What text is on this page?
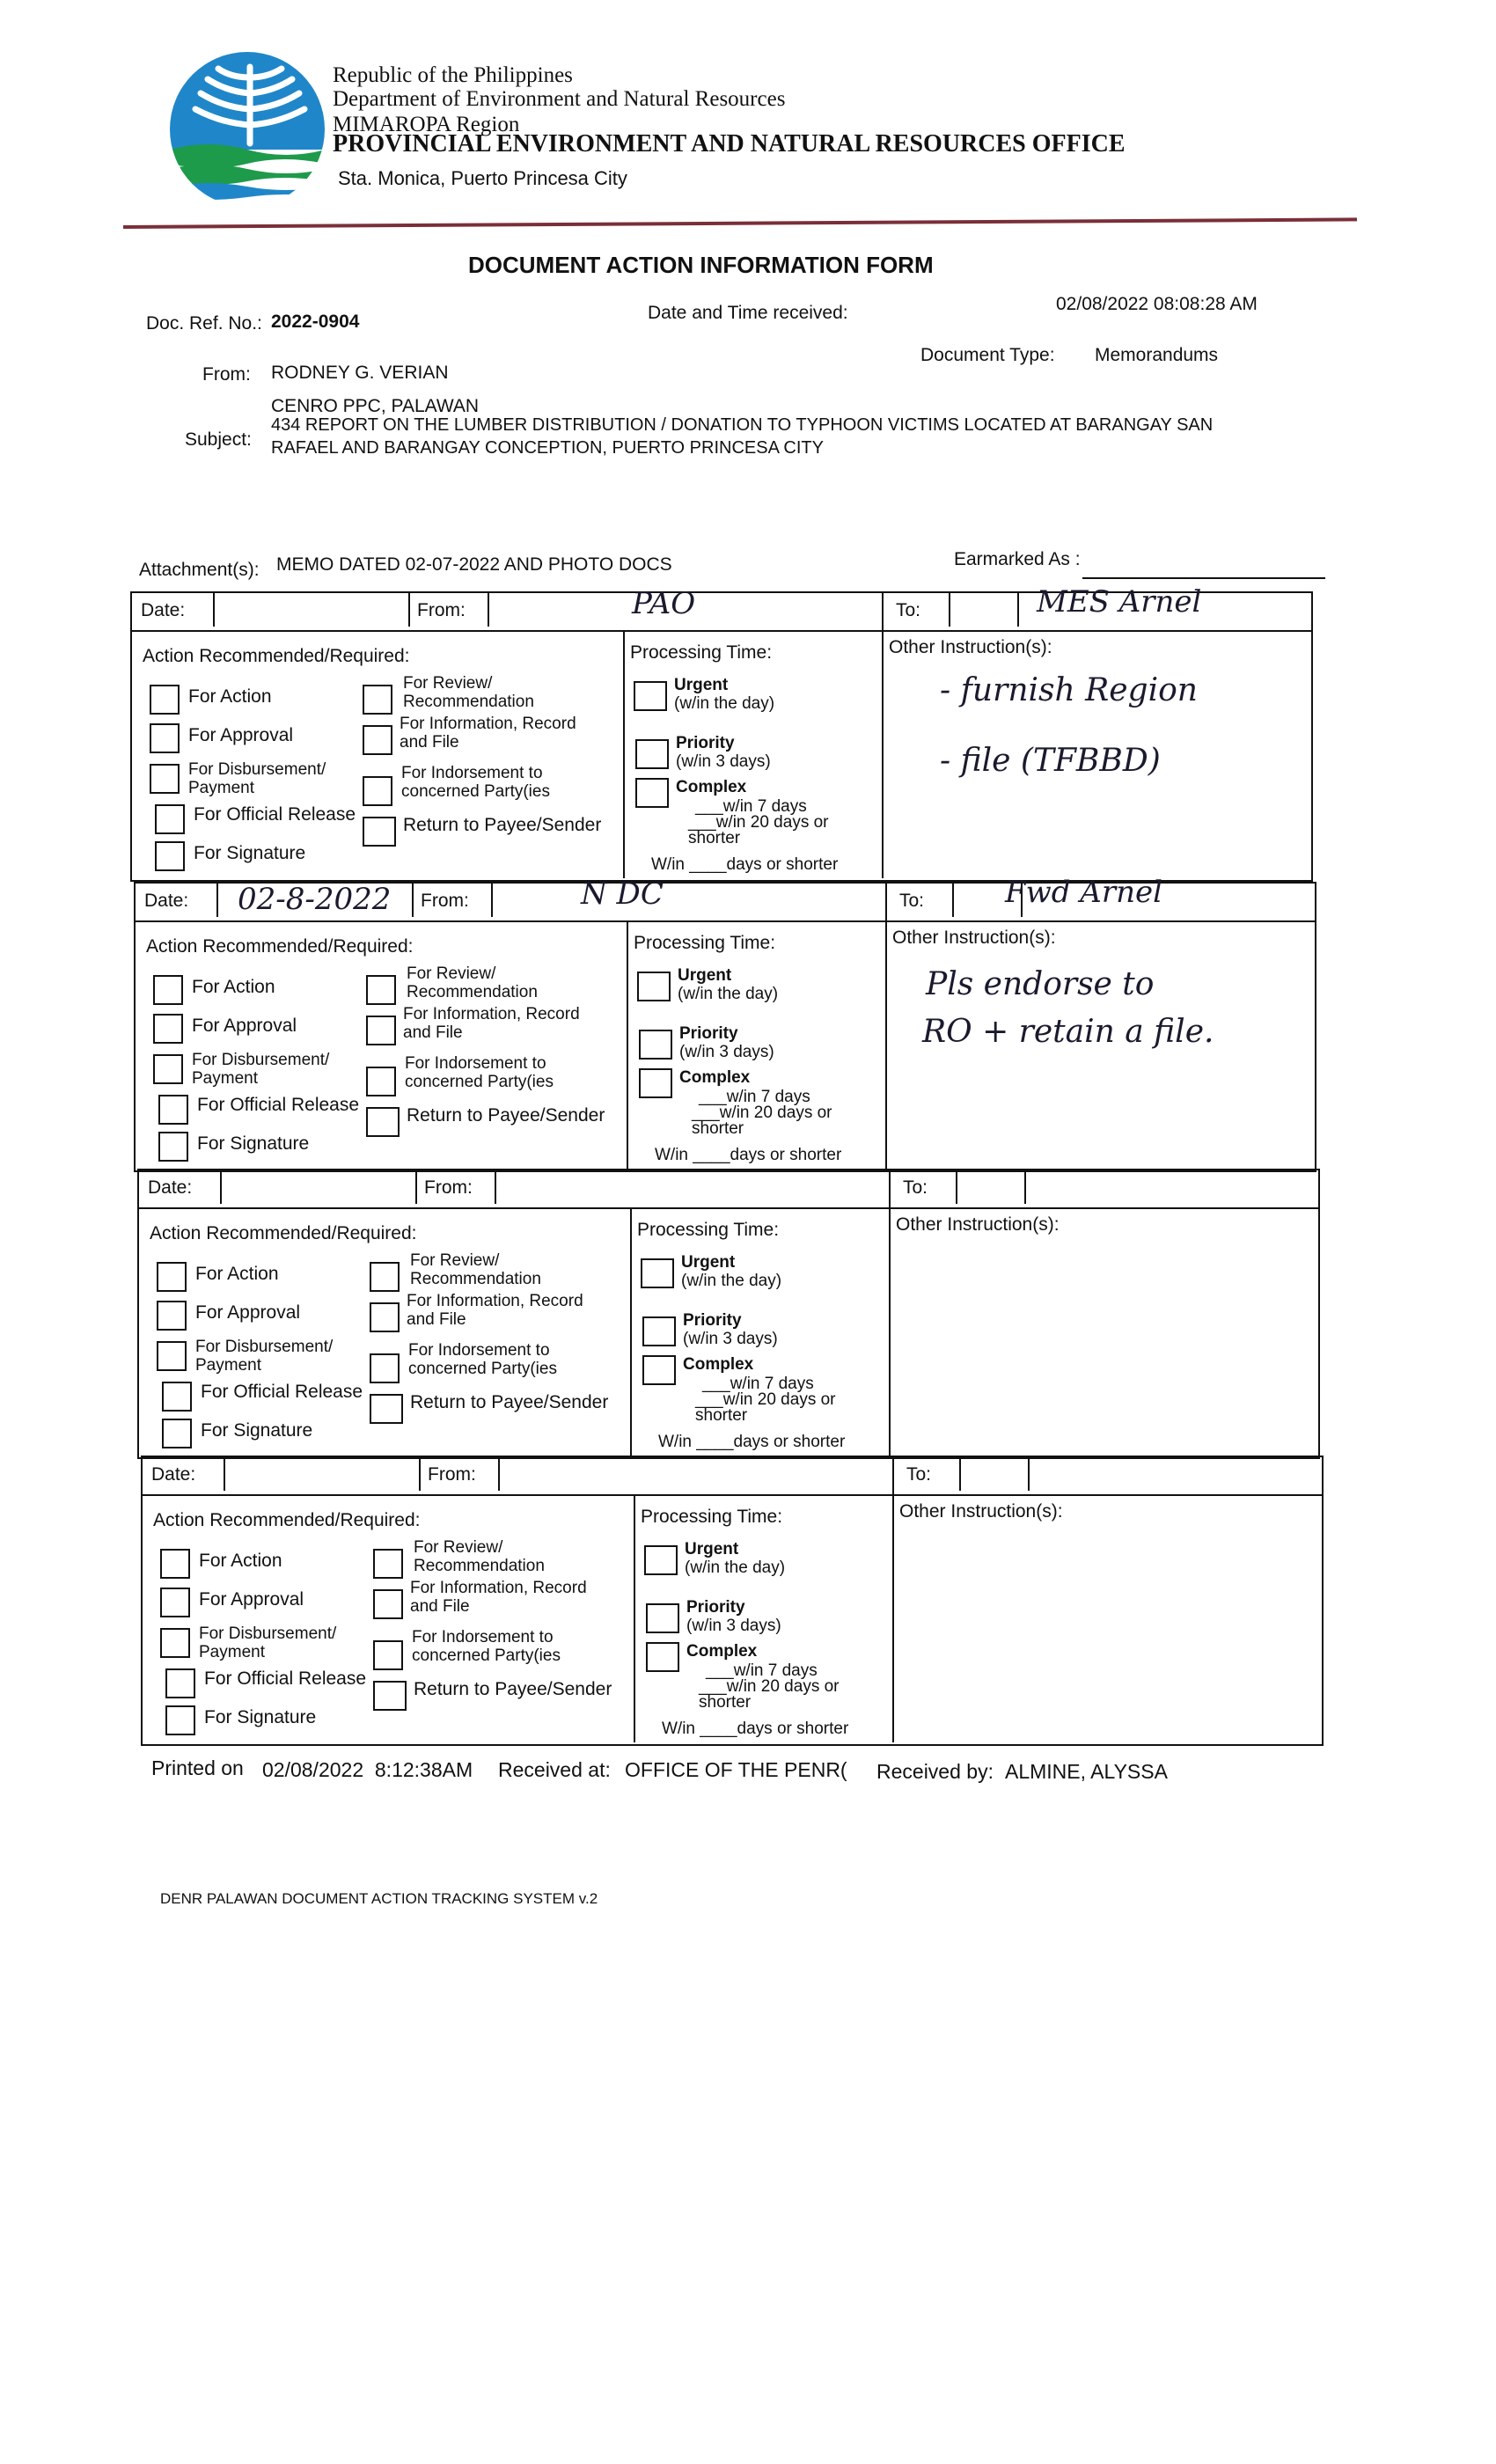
Republic of the Philippines
Department of Environment and Natural Resources
MIMAROPA Region
PROVINCIAL ENVIRONMENT AND NATURAL RESOURCES OFFICE
Sta. Monica, Puerto Princesa City
DOCUMENT ACTION INFORMATION FORM
Doc. Ref. No.: 2022-0904	Date and Time received:	02/08/2022 08:08:28 AM
Document Type: Memorandums
From: RODNEY G. VERIAN
CENRO PPC, PALAWAN
Subject:
434 REPORT ON THE LUMBER DISTRIBUTION / DONATION TO TYPHOON VICTIMS LOCATED AT BARANGAY SAN
RAFAEL AND BARANGAY CONCEPTION, PUERTO PRINCESA CITY
Attachment(s): MEMO DATED 02-07-2022 AND PHOTO DOCS	Earmarked As :
Date:	From:	PAO	To:	MES Arnel
Action Recommended/Required:
For Action
For Approval
For Disbursement/
Payment
For Official Release
For Signature
For Review/
Recommendation
For Information, Record
and File
For Indorsement to
concerned Party(ies
Return to Payee/Sender
Processing Time:
Urgent
(w/in the day)
Priority
(w/in 3 days)
Complex
___w/in 7 days
___w/in 20 days or
shorter
W/in ____days or shorter
Other Instruction(s):
- furnish Region
- file (TFBBD)
Date: 02-8-2022 From:	N DC	To:	Fwd Arnel
Action Recommended/Required:
For Action
For Approval
For Disbursement/
Payment
For Official Release
For Signature
For Review/
Recommendation
For Information, Record
and File
For Indorsement to
concerned Party(ies
Return to Payee/Sender
Processing Time:
Urgent
(w/in the day)
Priority
(w/in 3 days)
Complex
___w/in 7 days
___w/in 20 days or
shorter
W/in ____days or shorter
Other Instruction(s):
Pls endorse to
RO + retain a file.
Date:	From:	To:
Action Recommended/Required:
For Action
For Approval
For Disbursement/
Payment
For Official Release
For Signature
For Review/
Recommendation
For Information, Record
and File
For Indorsement to
concerned Party(ies
Return to Payee/Sender
Processing Time:
Urgent
(w/in the day)
Priority
(w/in 3 days)
Complex
___w/in 7 days
___w/in 20 days or
shorter
W/in ____days or shorter
Other Instruction(s):
Date:	From:	To:
Action Recommended/Required:
For Action
For Approval
For Disbursement/
Payment
For Official Release
For Signature
For Review/
Recommendation
For Information, Record
and File
For Indorsement to
concerned Party(ies
Return to Payee/Sender
Processing Time:
Urgent
(w/in the day)
Priority
(w/in 3 days)
Complex
___w/in 7 days
___w/in 20 days or
shorter
W/in ____days or shorter
Other Instruction(s):
Printed on 02/08/2022  8:12:38AM Received at: OFFICE OF THE PENR( Received by: ALMINE, ALYSSA
DENR PALAWAN DOCUMENT ACTION TRACKING SYSTEM v.2
